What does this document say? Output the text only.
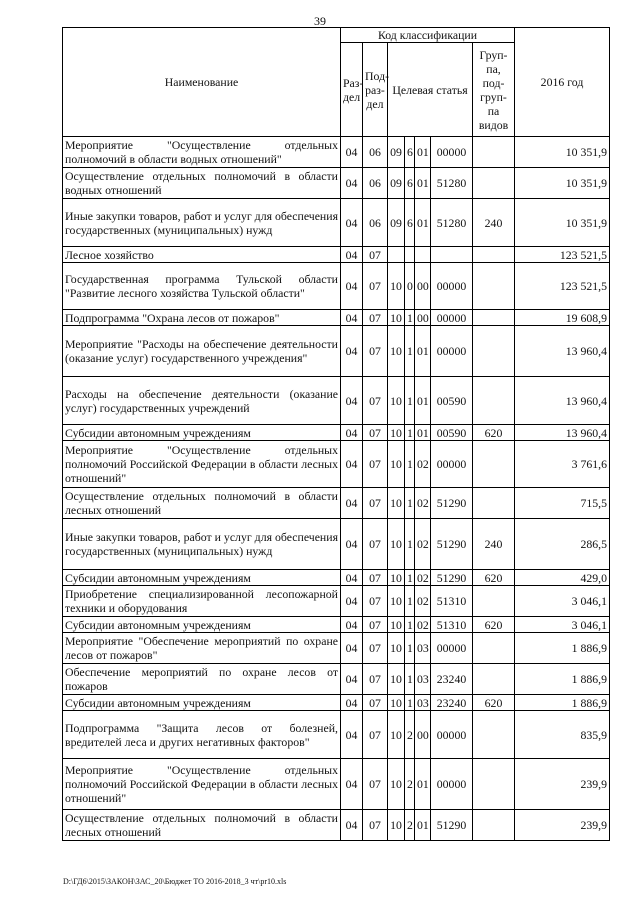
39
Наименование	Код классификации							2016 год
	Раз-дел	Под-раз-дел	Целевая статья				Груп-па, под-груп-па видов	
Мероприятие "Осуществление отдельных полномочий в области водных отношений"	04	06	09	6	01	00000		10 351,9
Осуществление отдельных полномочий в области водных отношений	04	06	09	6	01	51280		10 351,9
Иные закупки товаров, работ и услуг для обеспечения государственных (муниципальных) нужд	04	06	09	6	01	51280	240	10 351,9
Лесное хозяйство	04	07						123 521,5
Государственная программа Тульской области "Развитие лесного хозяйства Тульской области"	04	07	10	0	00	00000		123 521,5
Подпрограмма "Охрана лесов от пожаров"	04	07	10	1	00	00000		19 608,9
Мероприятие "Расходы на обеспечение деятельности (оказание услуг) государственного учреждения"	04	07	10	1	01	00000		13 960,4
Расходы на обеспечение деятельности (оказание услуг) государственных учреждений	04	07	10	1	01	00590		13 960,4
Субсидии автономным учреждениям	04	07	10	1	01	00590	620	13 960,4
Мероприятие "Осуществление отдельных полномочий Российской Федерации в области лесных отношений"	04	07	10	1	02	00000		3 761,6
Осуществление отдельных полномочий в области лесных отношений	04	07	10	1	02	51290		715,5
Иные закупки товаров, работ и услуг для обеспечения государственных (муниципальных) нужд	04	07	10	1	02	51290	240	286,5
Субсидии автономным учреждениям	04	07	10	1	02	51290	620	429,0
Приобретение специализированной лесопожарной техники и оборудования	04	07	10	1	02	51310		3 046,1
Субсидии автономным учреждениям	04	07	10	1	02	51310	620	3 046,1
Мероприятие "Обеспечение мероприятий по охране лесов от пожаров"	04	07	10	1	03	00000		1 886,9
Обеспечение мероприятий по охране лесов от пожаров	04	07	10	1	03	23240		1 886,9
Субсидии автономным учреждениям	04	07	10	1	03	23240	620	1 886,9
Подпрограмма "Защита лесов от болезней, вредителей леса и других негативных факторов"	04	07	10	2	00	00000		835,9
Мероприятие "Осуществление отдельных полномочий Российской Федерации в области лесных отношений"	04	07	10	2	01	00000		239,9
Осуществление отдельных полномочий в области лесных отношений	04	07	10	2	01	51290		239,9
D:\ГД6\2015\ЗАКОН\ЗАС_20\Бюджет ТО 2016-2018_3 чт\pr10.xls
